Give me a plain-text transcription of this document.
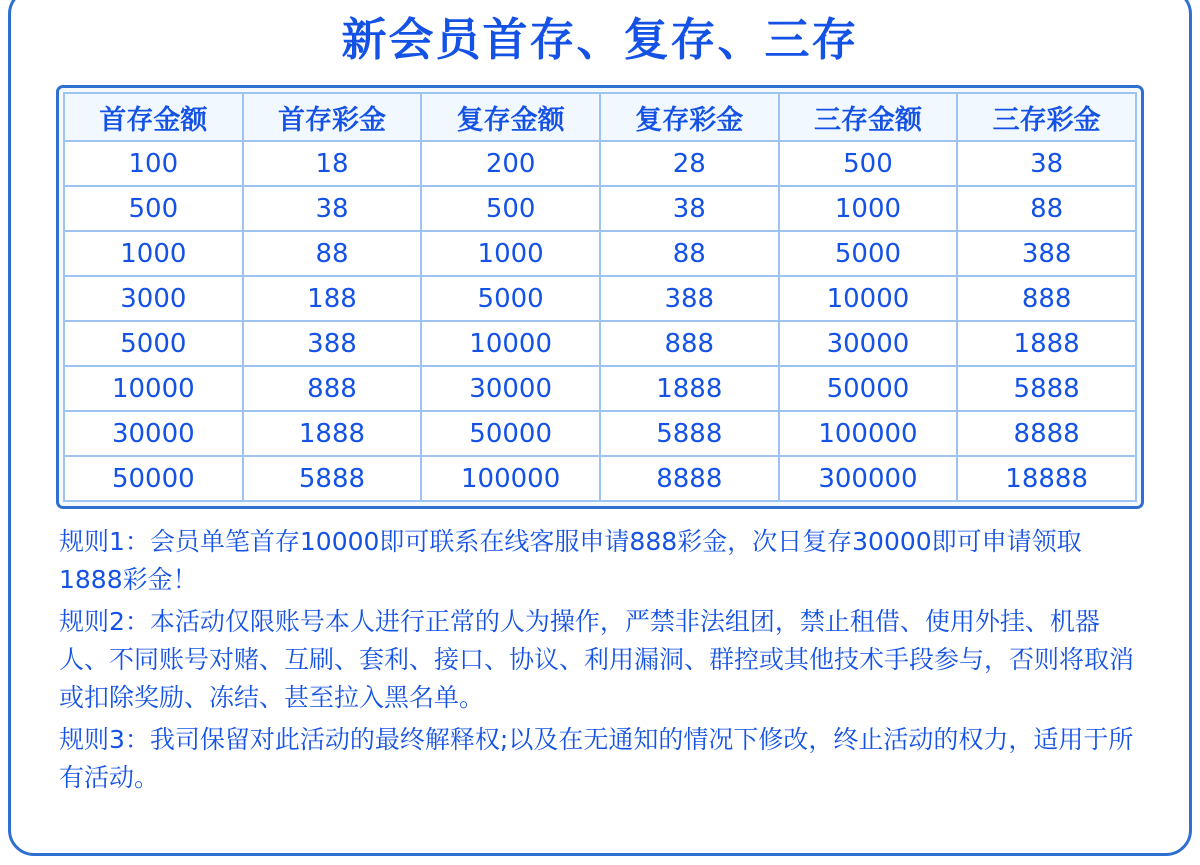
新会员首存、复存、三存
首存金额	首存彩金	复存金额	复存彩金	三存金额	三存彩金
100	18	200	28	500	38
500	38	500	38	1000	88
1000	88	1000	88	5000	388
3000	188	5000	388	10000	888
5000	388	10000	888	30000	1888
10000	888	30000	1888	50000	5888
30000	1888	50000	5888	100000	8888
50000	5888	100000	8888	300000	18888
规则1：会员单笔首存10000即可联系在线客服申请888彩金，次日复存30000即可申请领取1888彩金！
规则2：本活动仅限账号本人进行正常的人为操作，严禁非法组团，禁止租借、使用外挂、机器人、不同账号对赌、互刷、套利、接口、协议、利用漏洞、群控或其他技术手段参与，否则将取消或扣除奖励、冻结、甚至拉入黑名单。
规则3：我司保留对此活动的最终解释权;以及在无通知的情况下修改，终止活动的权力，适用于所有活动。
